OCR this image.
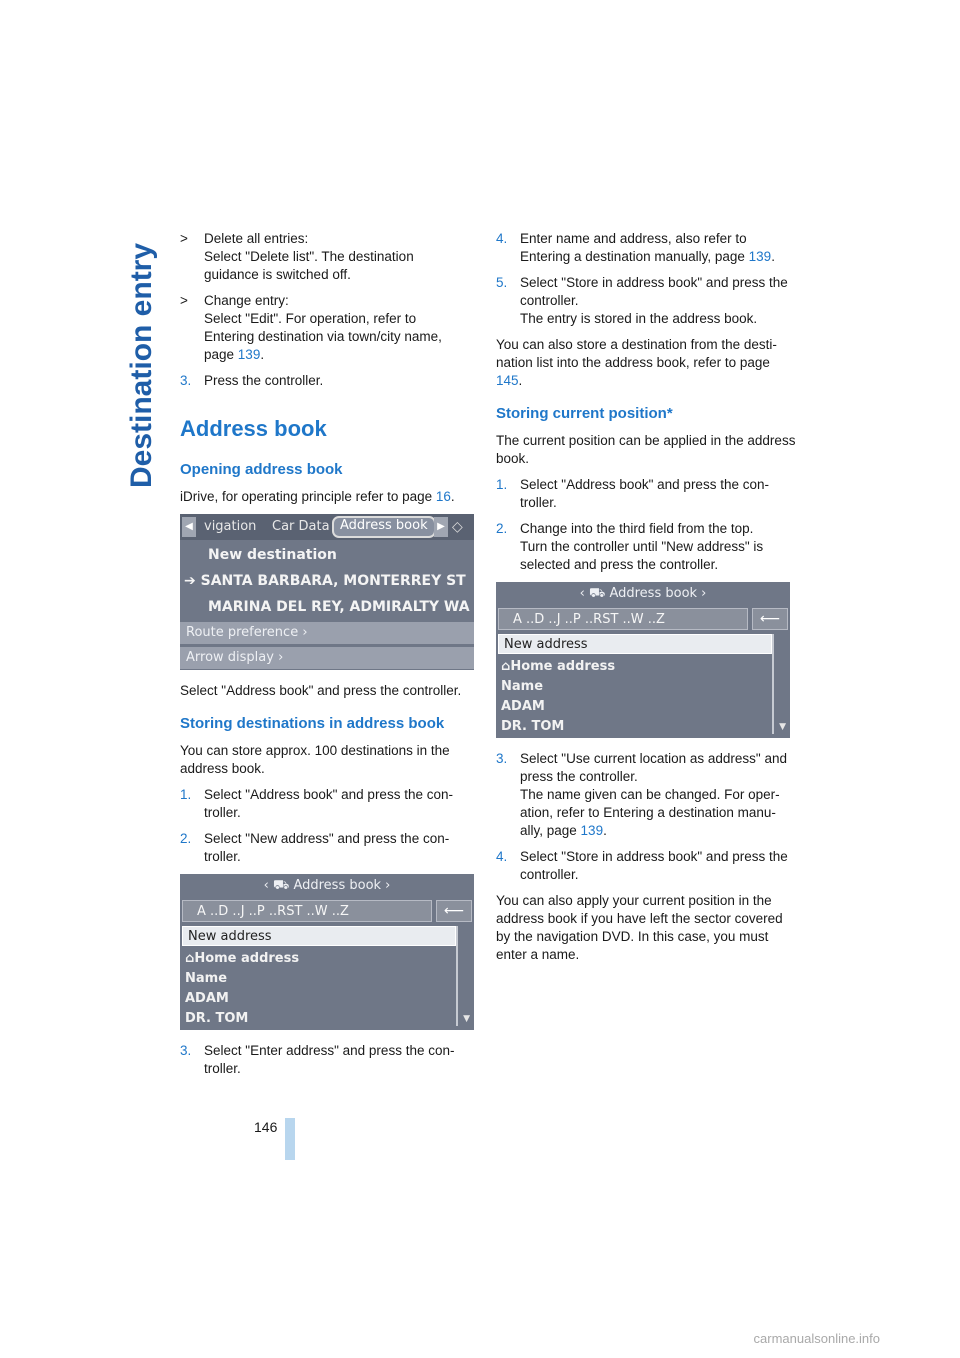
Destination entry
> Delete all entries:
Select "Delete list". The destination
guidance is switched off.
> Change entry:
Select "Edit". For operation, refer to
Entering destination via town/city name,
page 139.
3. Press the controller.
Address book
Opening address book

iDrive, for operating principle refer to page 16.

◀ vigation	Car Data Address book ▶ ◇
New destination
➔ SANTA BARBARA, MONTERREY ST
MARINA DEL REY, ADMIRALTY WA
Route preference ›
Arrow display ›

Select "Address book" and press the controller.

Storing destinations in address book

You can store approx. 100 destinations in the address book.

1. Select "Address book" and press the con-troller.
2. Select "New address" and press the con-troller.
‹ ⛟ Address book ›
A ..D ..J ..P ..RST ..W ..Z	⟵
New address
⌂Home address
Name
ADAM
DR. TOM	▼
3. Select "Enter address" and press the con-troller.
4. Enter name and address, also refer to Entering a destination manually, page 139.
5. Select "Store in address book" and press the controller.
The entry is stored in the address book.

You can also store a destination from the desti-nation list into the address book, refer to page 145.

Storing current position*

The current position can be applied in the address book.

1. Select "Address book" and press the con-troller.
2. Change into the third field from the top.
Turn the controller until "New address" is selected and press the controller.
‹ ⛟ Address book ›
A ..D ..J ..P ..RST ..W ..Z	⟵
New address
⌂Home address
Name
ADAM
DR. TOM	▼
3. Select "Use current location as address" and press the controller.
The name given can be changed. For oper-ation, refer to Entering a destination manu-ally, page 139.
4. Select "Store in address book" and press the controller.

You can also apply your current position in the address book if you have left the sector covered by the navigation DVD. In this case, you must enter a name.

146
carmanualsonline.info
